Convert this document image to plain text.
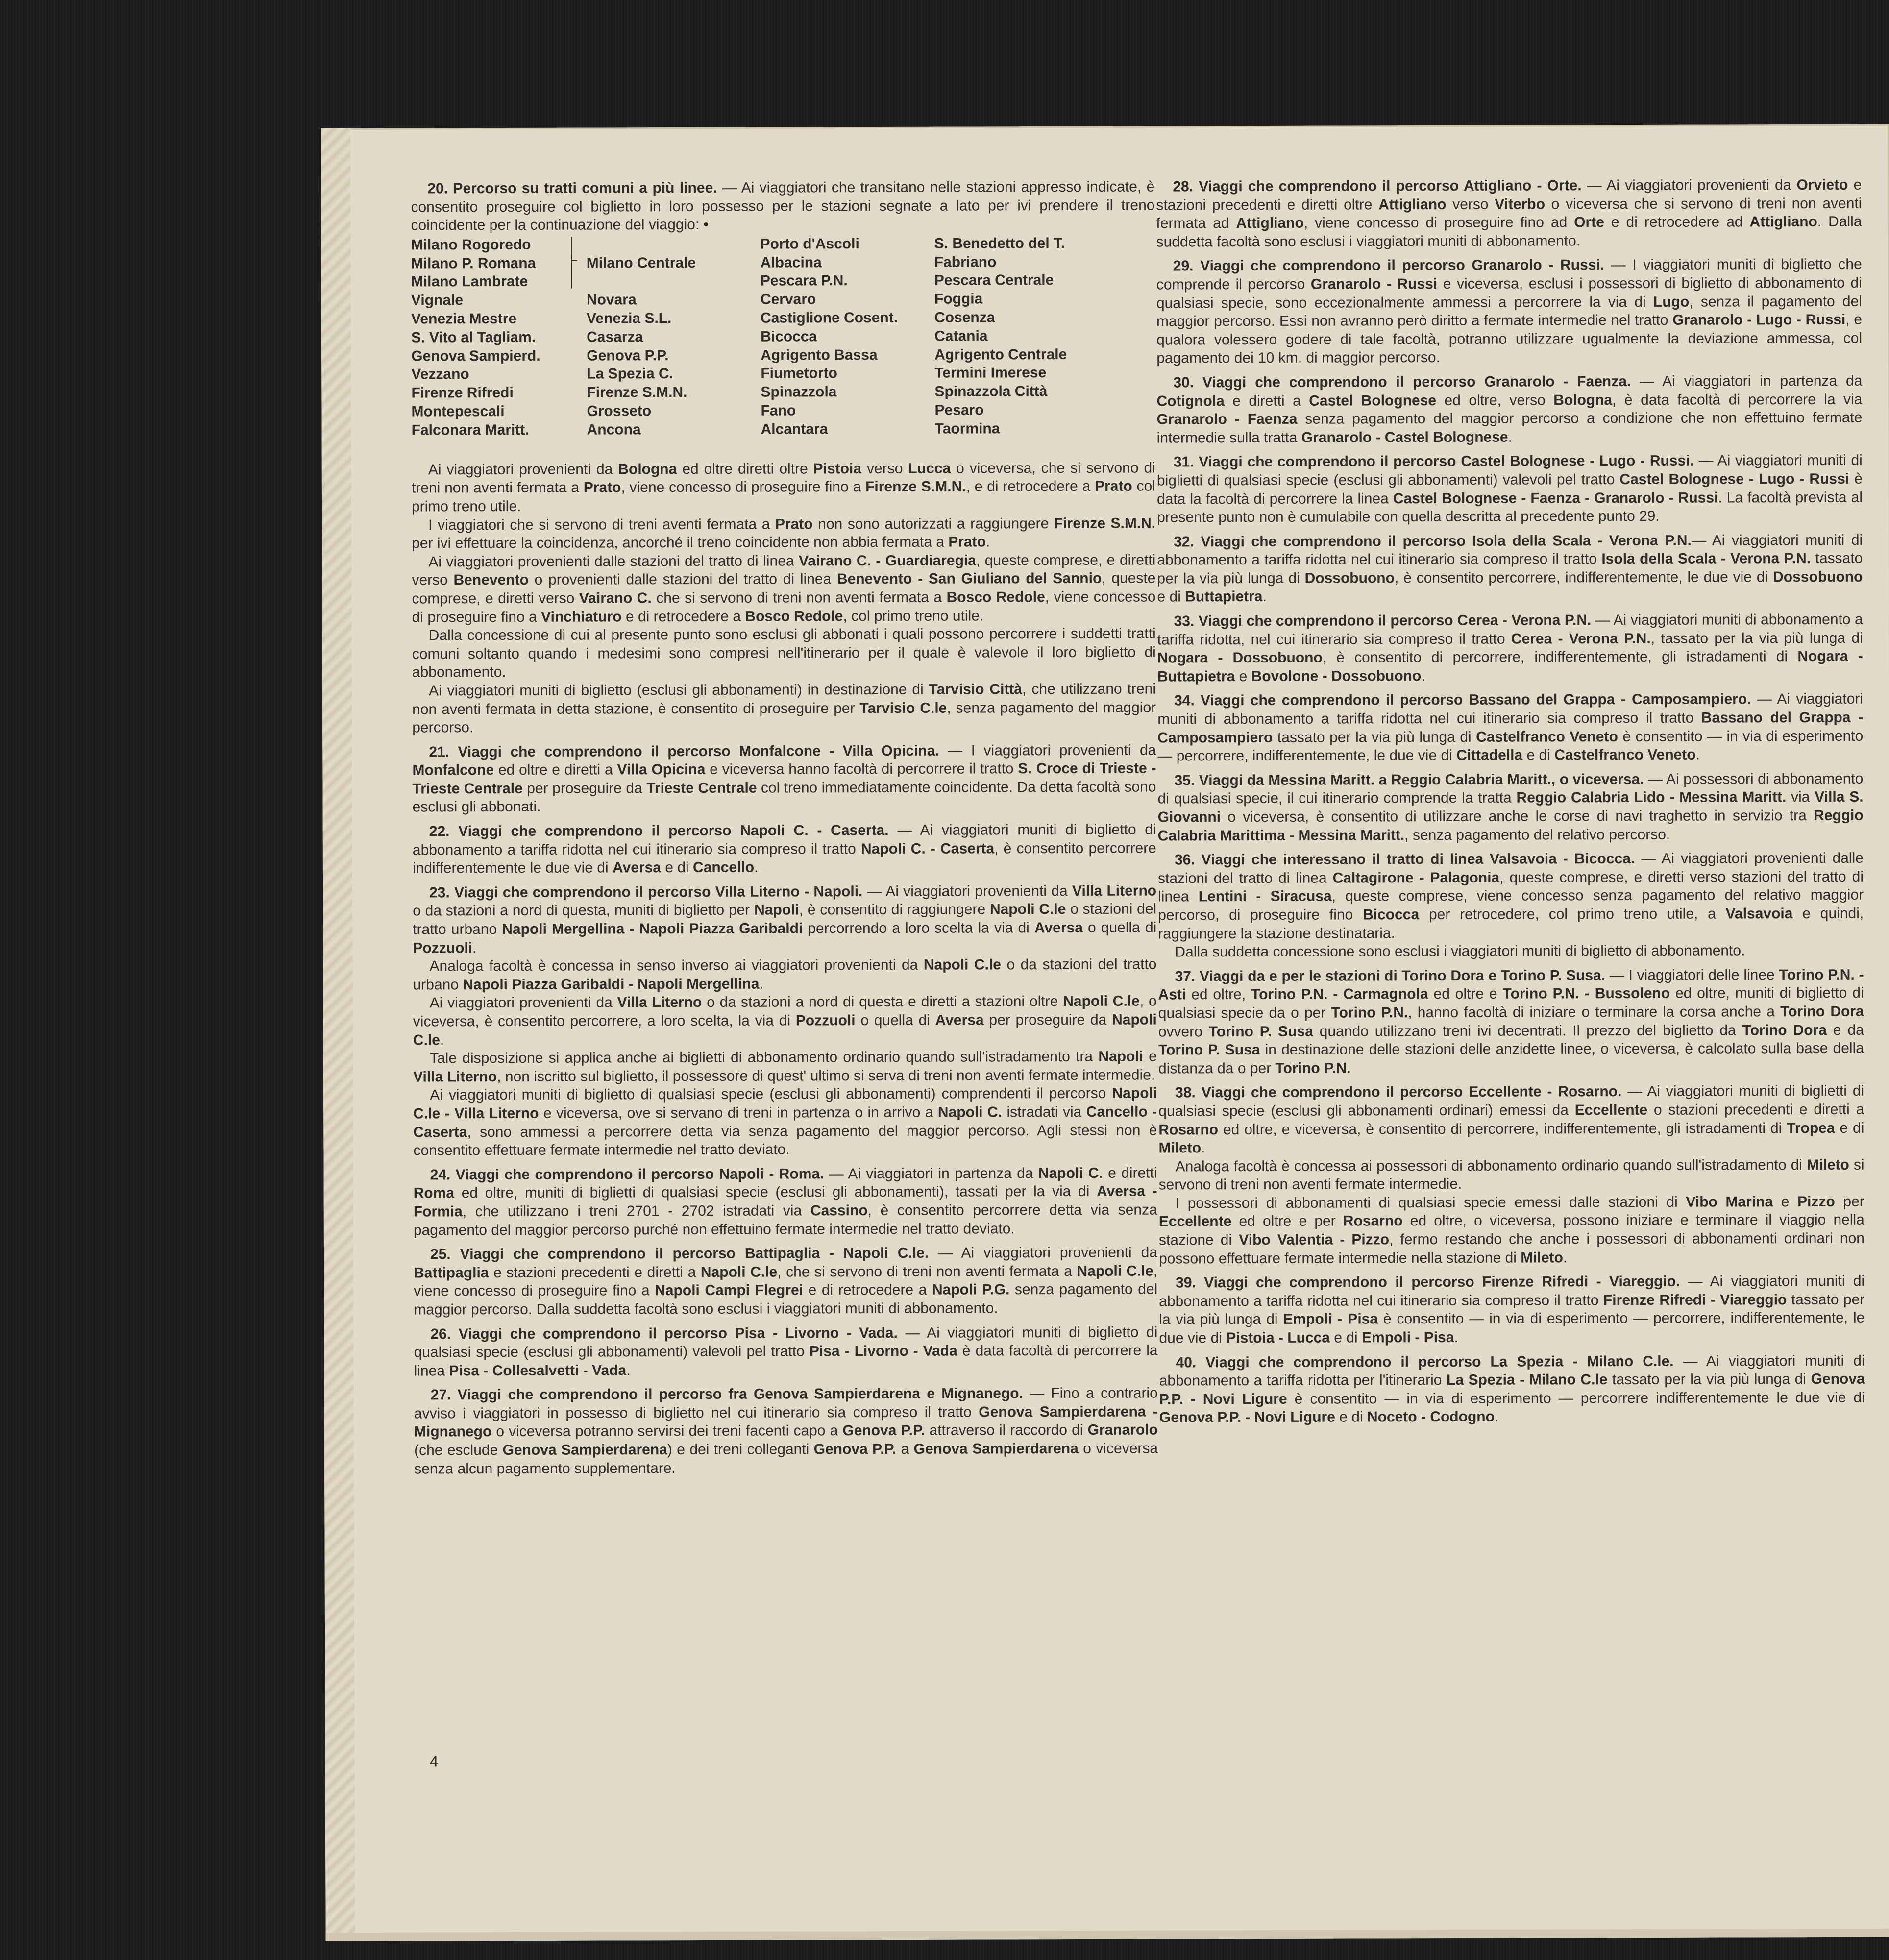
20. Percorso su tratti comuni a più linee. — Ai viaggiatori che transitano nelle stazioni appresso indicate, è consentito proseguire col biglietto in loro possesso per le stazioni segnate a lato per ivi prendere il treno coincidente per la continuazione del viaggio: •

Milano Rogoredo
Milano P. Romana
Milano Lambrate
Vignale
Venezia Mestre
S. Vito al Tagliam.
Genova Sampierd.
Vezzano
Firenze Rifredi
Montepescali
Falconara Maritt.

Milano Centrale

Novara
Venezia S.L.
Casarza
Genova P.P.
La Spezia C.
Firenze S.M.N.
Grosseto
Ancona
Porto d'Ascoli
Albacina
Pescara P.N.
Cervaro
Castiglione Cosent.
Bicocca
Agrigento Bassa
Fiumetorto
Spinazzola
Fano
Alcantara
S. Benedetto del T.
Fabriano
Pescara Centrale
Foggia
Cosenza
Catania
Agrigento Centrale
Termini Imerese
Spinazzola Città
Pesaro
Taormina

Ai viaggiatori provenienti da Bologna ed oltre diretti oltre Pistoia verso Lucca o viceversa, che si servono di treni non aventi fermata a Prato, viene concesso di proseguire fino a Firenze S.M.N., e di retrocedere a Prato col primo treno utile.

I viaggiatori che si servono di treni aventi fermata a Prato non sono autorizzati a raggiungere Firenze S.M.N. per ivi effettuare la coincidenza, ancorché il treno coincidente non abbia fermata a Prato.

Ai viaggiatori provenienti dalle stazioni del tratto di linea Vairano C. - Guardiaregia, queste comprese, e diretti verso Benevento o provenienti dalle stazioni del tratto di linea Benevento - San Giuliano del Sannio, queste comprese, e diretti verso Vairano C. che si servono di treni non aventi fermata a Bosco Redole, viene concesso di proseguire fino a Vinchiaturo e di retrocedere a Bosco Redole, col primo treno utile.

Dalla concessione di cui al presente punto sono esclusi gli abbonati i quali possono percorrere i suddetti tratti comuni soltanto quando i medesimi sono compresi nell'itinerario per il quale è valevole il loro biglietto di abbonamento.

Ai viaggiatori muniti di biglietto (esclusi gli abbonamenti) in destinazione di Tarvisio Città, che utilizzano treni non aventi fermata in detta stazione, è consentito di proseguire per Tarvisio C.le, senza pagamento del maggior percorso.

21. Viaggi che comprendono il percorso Monfalcone - Villa Opicina. — I viaggiatori provenienti da Monfalcone ed oltre e diretti a Villa Opicina e viceversa hanno facoltà di percorrere il tratto S. Croce di Trieste - Trieste Centrale per proseguire da Trieste Centrale col treno immediatamente coincidente. Da detta facoltà sono esclusi gli abbonati.

22. Viaggi che comprendono il percorso Napoli C. - Caserta. — Ai viaggiatori muniti di biglietto di abbonamento a tariffa ridotta nel cui itinerario sia compreso il tratto Napoli C. - Caserta, è consentito percorrere indifferentemente le due vie di Aversa e di Cancello.

23. Viaggi che comprendono il percorso Villa Literno - Napoli. — Ai viaggiatori provenienti da Villa Literno o da stazioni a nord di questa, muniti di biglietto per Napoli, è consentito di raggiungere Napoli C.le o stazioni del tratto urbano Napoli Mergellina - Napoli Piazza Garibaldi percorrendo a loro scelta la via di Aversa o quella di Pozzuoli.

Analoga facoltà è concessa in senso inverso ai viaggiatori provenienti da Napoli C.le o da stazioni del tratto urbano Napoli Piazza Garibaldi - Napoli Mergellina.

Ai viaggiatori provenienti da Villa Literno o da stazioni a nord di questa e diretti a stazioni oltre Napoli C.le, o viceversa, è consentito percorrere, a loro scelta, la via di Pozzuoli o quella di Aversa per proseguire da Napoli C.le.

Tale disposizione si applica anche ai biglietti di abbonamento ordinario quando sull'istradamento tra Napoli e Villa Literno, non iscritto sul biglietto, il possessore di quest' ultimo si serva di treni non aventi fermate intermedie.

Ai viaggiatori muniti di biglietto di qualsiasi specie (esclusi gli abbonamenti) comprendenti il percorso Napoli C.le - Villa Literno e viceversa, ove si servano di treni in partenza o in arrivo a Napoli C. istradati via Cancello - Caserta, sono ammessi a percorrere detta via senza pagamento del maggior percorso. Agli stessi non è consentito effettuare fermate intermedie nel tratto deviato.

24. Viaggi che comprendono il percorso Napoli - Roma. — Ai viaggiatori in partenza da Napoli C. e diretti Roma ed oltre, muniti di biglietti di qualsiasi specie (esclusi gli abbonamenti), tassati per la via di Aversa - Formia, che utilizzano i treni 2701 - 2702 istradati via Cassino, è consentito percorrere detta via senza pagamento del maggior percorso purché non effettuino fermate intermedie nel tratto deviato.

25. Viaggi che comprendono il percorso Battipaglia - Napoli C.le. — Ai viaggiatori provenienti da Battipaglia e stazioni precedenti e diretti a Napoli C.le, che si servono di treni non aventi fermata a Napoli C.le, viene concesso di proseguire fino a Napoli Campi Flegrei e di retrocedere a Napoli P.G. senza pagamento del maggior percorso. Dalla suddetta facoltà sono esclusi i viaggiatori muniti di abbonamento.

26. Viaggi che comprendono il percorso Pisa - Livorno - Vada. — Ai viaggiatori muniti di biglietto di qualsiasi specie (esclusi gli abbonamenti) valevoli pel tratto Pisa - Livorno - Vada è data facoltà di percorrere la linea Pisa - Collesalvetti - Vada.

27. Viaggi che comprendono il percorso fra Genova Sampierdarena e Mignanego. — Fino a contrario avviso i viaggiatori in possesso di biglietto nel cui itinerario sia compreso il tratto Genova Sampierdarena - Mignanego o viceversa potranno servirsi dei treni facenti capo a Genova P.P. attraverso il raccordo di Granarolo (che esclude Genova Sampierdarena) e dei treni colleganti Genova P.P. a Genova Sampierdarena o viceversa senza alcun pagamento supplementare.

28. Viaggi che comprendono il percorso Attigliano - Orte. — Ai viaggiatori provenienti da Orvieto e stazioni precedenti e diretti oltre Attigliano verso Viterbo o viceversa che si servono di treni non aventi fermata ad Attigliano, viene concesso di proseguire fino ad Orte e di retrocedere ad Attigliano. Dalla suddetta facoltà sono esclusi i viaggiatori muniti di abbonamento.

29. Viaggi che comprendono il percorso Granarolo - Russi. — I viaggiatori muniti di biglietto che comprende il percorso Granarolo - Russi e viceversa, esclusi i possessori di biglietto di abbonamento di qualsiasi specie, sono eccezionalmente ammessi a percorrere la via di Lugo, senza il pagamento del maggior percorso. Essi non avranno però diritto a fermate intermedie nel tratto Granarolo - Lugo - Russi, e qualora volessero godere di tale facoltà, potranno utilizzare ugualmente la deviazione ammessa, col pagamento dei 10 km. di maggior percorso.

30. Viaggi che comprendono il percorso Granarolo - Faenza. — Ai viaggiatori in partenza da Cotignola e diretti a Castel Bolognese ed oltre, verso Bologna, è data facoltà di percorrere la via Granarolo - Faenza senza pagamento del maggior percorso a condizione che non effettuino fermate intermedie sulla tratta Granarolo - Castel Bolognese.

31. Viaggi che comprendono il percorso Castel Bolognese - Lugo - Russi. — Ai viaggiatori muniti di biglietti di qualsiasi specie (esclusi gli abbonamenti) valevoli pel tratto Castel Bolognese - Lugo - Russi è data la facoltà di percorrere la linea Castel Bolognese - Faenza - Granarolo - Russi. La facoltà prevista al presente punto non è cumulabile con quella descritta al precedente punto 29.

32. Viaggi che comprendono il percorso Isola della Scala - Verona P.N.— Ai viaggiatori muniti di abbonamento a tariffa ridotta nel cui itinerario sia compreso il tratto Isola della Scala - Verona P.N. tassato per la via più lunga di Dossobuono, è consentito percorrere, indifferentemente, le due vie di Dossobuono e di Buttapietra.

33. Viaggi che comprendono il percorso Cerea - Verona P.N. — Ai viaggiatori muniti di abbonamento a tariffa ridotta, nel cui itinerario sia compreso il tratto Cerea - Verona P.N., tassato per la via più lunga di Nogara - Dossobuono, è consentito di percorrere, indifferentemente, gli istradamenti di Nogara - Buttapietra e Bovolone - Dossobuono.

34. Viaggi che comprendono il percorso Bassano del Grappa - Camposampiero. — Ai viaggiatori muniti di abbonamento a tariffa ridotta nel cui itinerario sia compreso il tratto Bassano del Grappa - Camposampiero tassato per la via più lunga di Castelfranco Veneto è consentito — in via di esperimento — percorrere, indifferentemente, le due vie di Cittadella e di Castelfranco Veneto.

35. Viaggi da Messina Maritt. a Reggio Calabria Maritt., o viceversa. — Ai possessori di abbonamento di qualsiasi specie, il cui itinerario comprende la tratta Reggio Calabria Lido - Messina Maritt. via Villa S. Giovanni o viceversa, è consentito di utilizzare anche le corse di navi traghetto in servizio tra Reggio Calabria Marittima - Messina Maritt., senza pagamento del relativo percorso.

36. Viaggi che interessano il tratto di linea Valsavoia - Bicocca. — Ai viaggiatori provenienti dalle stazioni del tratto di linea Caltagirone - Palagonia, queste comprese, e diretti verso stazioni del tratto di linea Lentini - Siracusa, queste comprese, viene concesso senza pagamento del relativo maggior percorso, di proseguire fino Bicocca per retrocedere, col primo treno utile, a Valsavoia e quindi, raggiungere la stazione destinataria.

Dalla suddetta concessione sono esclusi i viaggiatori muniti di biglietto di abbonamento.

37. Viaggi da e per le stazioni di Torino Dora e Torino P. Susa. — I viaggiatori delle linee Torino P.N. - Asti ed oltre, Torino P.N. - Carmagnola ed oltre e Torino P.N. - Bussoleno ed oltre, muniti di biglietto di qualsiasi specie da o per Torino P.N., hanno facoltà di iniziare o terminare la corsa anche a Torino Dora ovvero Torino P. Susa quando utilizzano treni ivi decentrati. Il prezzo del biglietto da Torino Dora e da Torino P. Susa in destinazione delle stazioni delle anzidette linee, o viceversa, è calcolato sulla base della distanza da o per Torino P.N.

38. Viaggi che comprendono il percorso Eccellente - Rosarno. — Ai viaggiatori muniti di biglietti di qualsiasi specie (esclusi gli abbonamenti ordinari) emessi da Eccellente o stazioni precedenti e diretti a Rosarno ed oltre, e viceversa, è consentito di percorrere, indifferentemente, gli istradamenti di Tropea e di Mileto.

Analoga facoltà è concessa ai possessori di abbonamento ordinario quando sull'istradamento di Mileto si servono di treni non aventi fermate intermedie.

I possessori di abbonamenti di qualsiasi specie emessi dalle stazioni di Vibo Marina e Pizzo per Eccellente ed oltre e per Rosarno ed oltre, o viceversa, possono iniziare e terminare il viaggio nella stazione di Vibo Valentia - Pizzo, fermo restando che anche i possessori di abbonamenti ordinari non possono effettuare fermate intermedie nella stazione di Mileto.

39. Viaggi che comprendono il percorso Firenze Rifredi - Viareggio. — Ai viaggiatori muniti di abbonamento a tariffa ridotta nel cui itinerario sia compreso il tratto Firenze Rifredi - Viareggio tassato per la via più lunga di Empoli - Pisa è consentito — in via di esperimento — percorrere, indifferentemente, le due vie di Pistoia - Lucca e di Empoli - Pisa.

40. Viaggi che comprendono il percorso La Spezia - Milano C.le. — Ai viaggiatori muniti di abbonamento a tariffa ridotta per l'itinerario La Spezia - Milano C.le tassato per la via più lunga di Genova P.P. - Novi Ligure è consentito — in via di esperimento — percorrere indifferentemente le due vie di Genova P.P. - Novi Ligure e di Noceto - Codogno.

4
